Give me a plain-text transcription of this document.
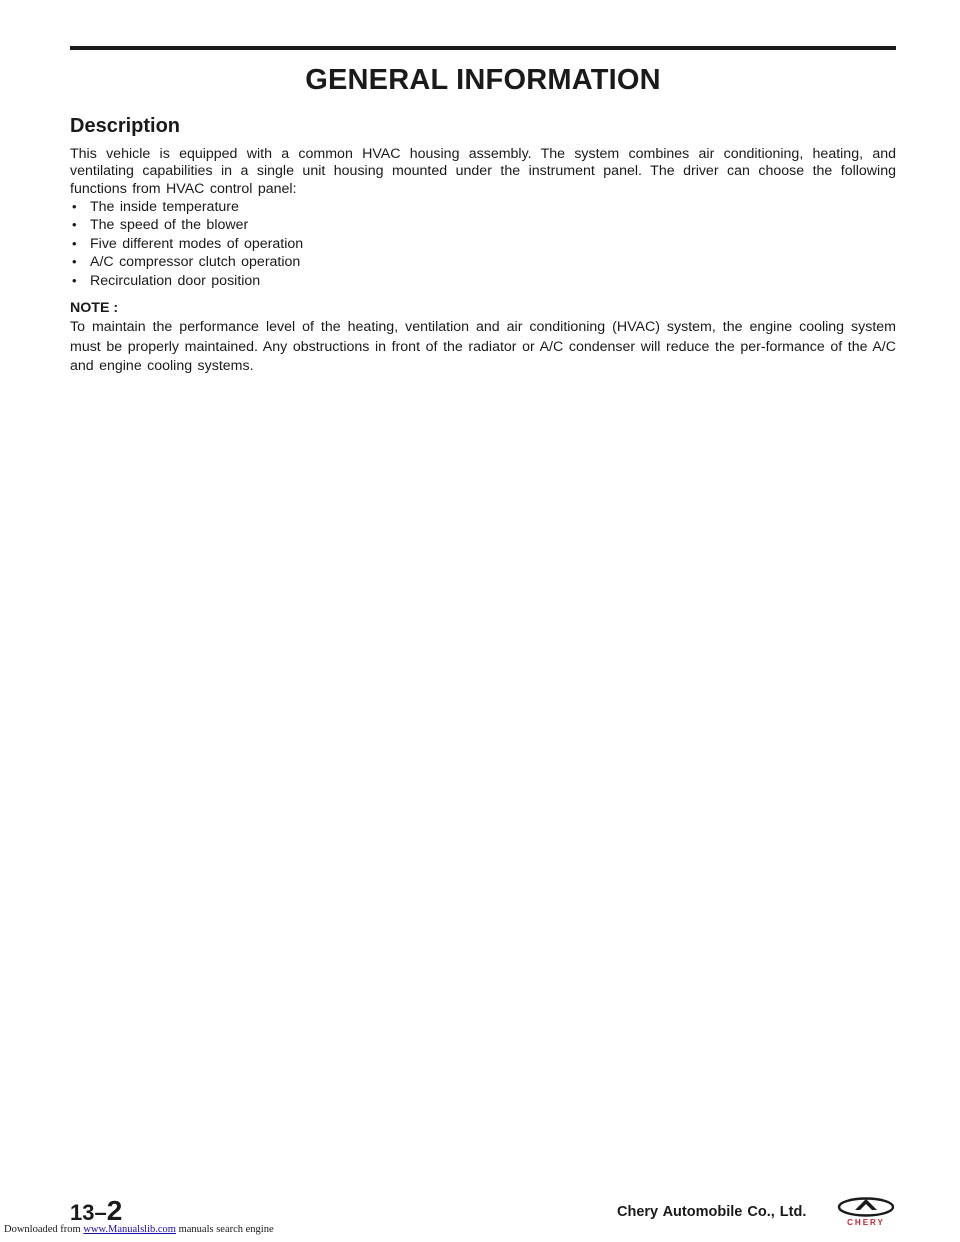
GENERAL INFORMATION
Description

This vehicle is equipped with a common HVAC housing assembly. The system combines air conditioning, heating, and ventilating capabilities in a single unit housing mounted under the instrument panel. The driver can choose the following functions from HVAC control panel:

• The inside temperature
• The speed of the blower
• Five different modes of operation
• A/C compressor clutch operation
• Recirculation door position

NOTE :

To maintain the performance level of the heating, ventilation and air conditioning (HVAC) system, the engine cooling system must be properly maintained. Any obstructions in front of the radiator or A/C condenser will reduce the per-formance of the A/C and engine cooling systems.

13–2	Chery Automobile Co., Ltd.
CHERY
Downloaded from www.Manualslib.com manuals search engine
